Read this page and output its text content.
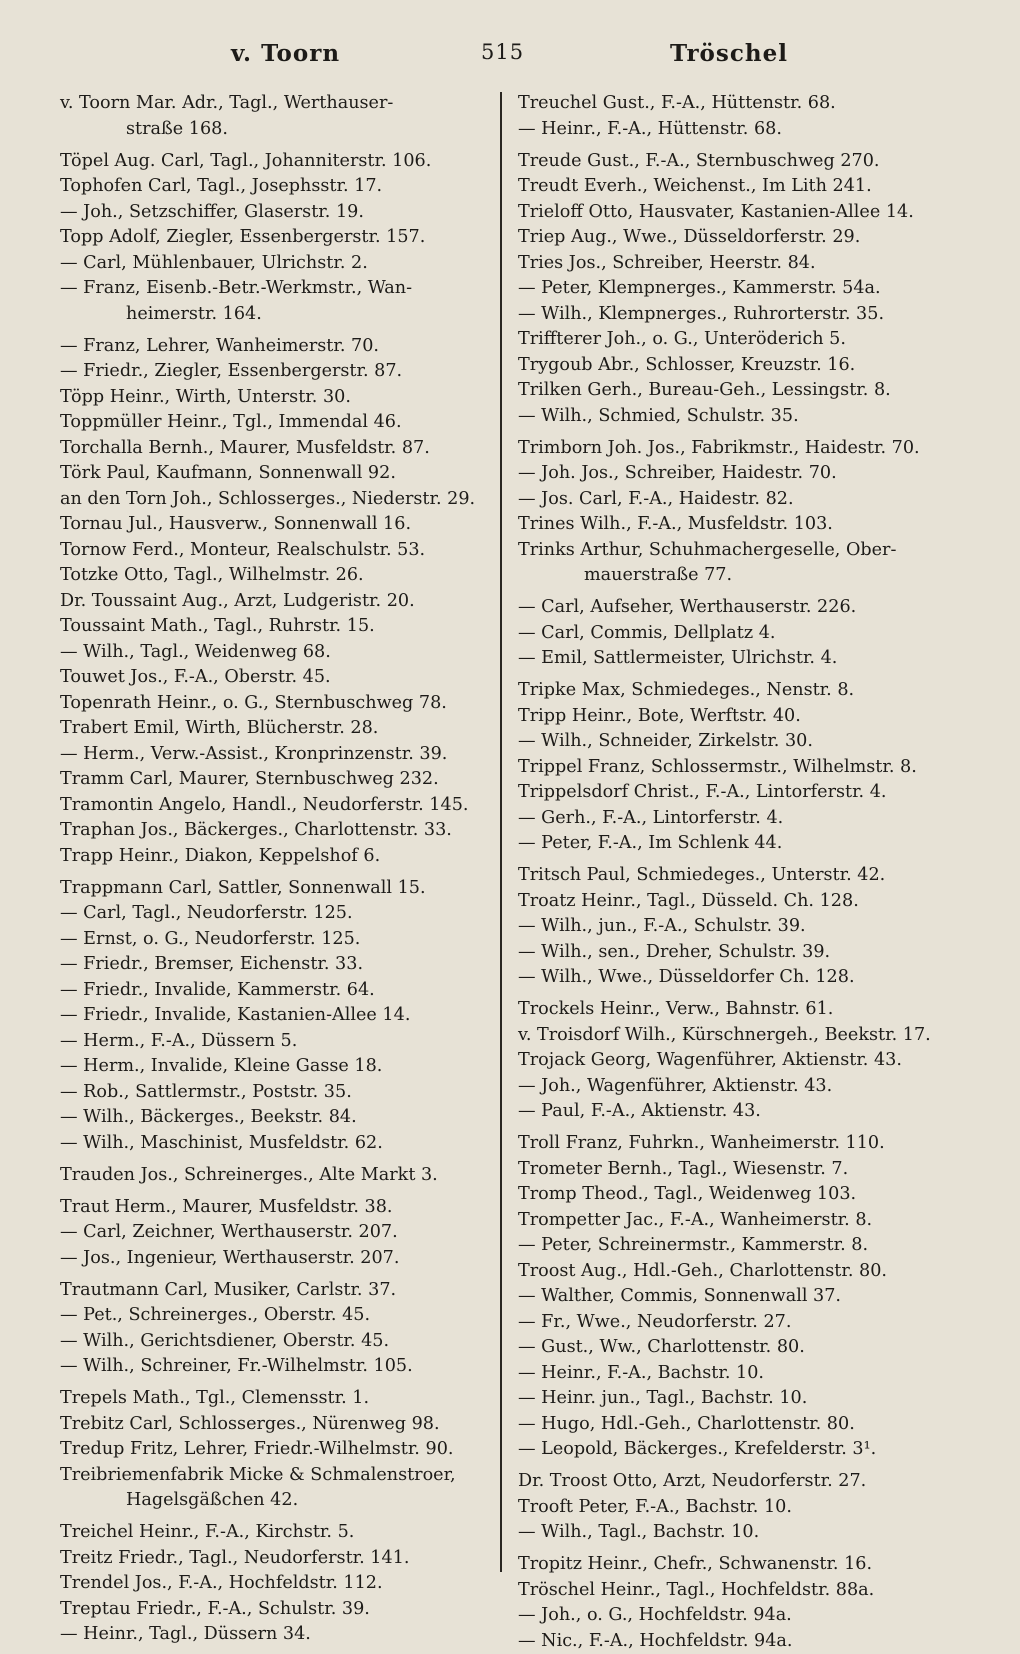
v. Toorn	515	Tröschel
v. Toorn Mar. Adr., Tagl., Werthauser-
straße 168.
Töpel Aug. Carl, Tagl., Johanniterstr. 106.
Tophofen Carl, Tagl., Josephsstr. 17.
— Joh., Setzschiffer, Glaserstr. 19.
Topp Adolf, Ziegler, Essenbergerstr. 157.
— Carl, Mühlenbauer, Ulrichstr. 2.
— Franz, Eisenb.-Betr.-Werkmstr., Wan-
heimerstr. 164.
— Franz, Lehrer, Wanheimerstr. 70.
— Friedr., Ziegler, Essenbergerstr. 87.
Töpp Heinr., Wirth, Unterstr. 30.
Toppmüller Heinr., Tgl., Immendal 46.
Torchalla Bernh., Maurer, Musfeldstr. 87.
Törk Paul, Kaufmann, Sonnenwall 92.
an den Torn Joh., Schlosserges., Niederstr. 29.
Tornau Jul., Hausverw., Sonnenwall 16.
Tornow Ferd., Monteur, Realschulstr. 53.
Totzke Otto, Tagl., Wilhelmstr. 26.
Dr. Toussaint Aug., Arzt, Ludgeristr. 20.
Toussaint Math., Tagl., Ruhrstr. 15.
— Wilh., Tagl., Weidenweg 68.
Touwet Jos., F.-A., Oberstr. 45.
Topenrath Heinr., o. G., Sternbuschweg 78.
Trabert Emil, Wirth, Blücherstr. 28.
— Herm., Verw.-Assist., Kronprinzenstr. 39.
Tramm Carl, Maurer, Sternbuschweg 232.
Tramontin Angelo, Handl., Neudorferstr. 145.
Traphan Jos., Bäckerges., Charlottenstr. 33.
Trapp Heinr., Diakon, Keppelshof 6.
Trappmann Carl, Sattler, Sonnenwall 15.
— Carl, Tagl., Neudorferstr. 125.
— Ernst, o. G., Neudorferstr. 125.
— Friedr., Bremser, Eichenstr. 33.
— Friedr., Invalide, Kammerstr. 64.
— Friedr., Invalide, Kastanien-Allee 14.
— Herm., F.-A., Düssern 5.
— Herm., Invalide, Kleine Gasse 18.
— Rob., Sattlermstr., Poststr. 35.
— Wilh., Bäckerges., Beekstr. 84.
— Wilh., Maschinist, Musfeldstr. 62.
Trauden Jos., Schreinerges., Alte Markt 3.
Traut Herm., Maurer, Musfeldstr. 38.
— Carl, Zeichner, Werthauserstr. 207.
— Jos., Ingenieur, Werthauserstr. 207.
Trautmann Carl, Musiker, Carlstr. 37.
— Pet., Schreinerges., Oberstr. 45.
— Wilh., Gerichtsdiener, Oberstr. 45.
— Wilh., Schreiner, Fr.-Wilhelmstr. 105.
Trepels Math., Tgl., Clemensstr. 1.
Trebitz Carl, Schlosserges., Nürenweg 98.
Tredup Fritz, Lehrer, Friedr.-Wilhelmstr. 90.
Treibriemenfabrik Micke & Schmalenstroer,
Hagelsgäßchen 42.
Treichel Heinr., F.-A., Kirchstr. 5.
Treitz Friedr., Tagl., Neudorferstr. 141.
Trendel Jos., F.-A., Hochfeldstr. 112.
Treptau Friedr., F.-A., Schulstr. 39.
— Heinr., Tagl., Düssern 34.
Treuchel Gust., F.-A., Hüttenstr. 68.
— Heinr., F.-A., Hüttenstr. 68.
Treude Gust., F.-A., Sternbuschweg 270.
Treudt Everh., Weichenst., Im Lith 241.
Trieloff Otto, Hausvater, Kastanien-Allee 14.
Triep Aug., Wwe., Düsseldorferstr. 29.
Tries Jos., Schreiber, Heerstr. 84.
— Peter, Klempnerges., Kammerstr. 54a.
— Wilh., Klempnerges., Ruhrorterstr. 35.
Triffterer Joh., o. G., Unteröderich 5.
Trygoub Abr., Schlosser, Kreuzstr. 16.
Trilken Gerh., Bureau-Geh., Lessingstr. 8.
— Wilh., Schmied, Schulstr. 35.
Trimborn Joh. Jos., Fabrikmstr., Haidestr. 70.
— Joh. Jos., Schreiber, Haidestr. 70.
— Jos. Carl, F.-A., Haidestr. 82.
Trines Wilh., F.-A., Musfeldstr. 103.
Trinks Arthur, Schuhmachergeselle, Ober-
mauerstraße 77.
— Carl, Aufseher, Werthauserstr. 226.
— Carl, Commis, Dellplatz 4.
— Emil, Sattlermeister, Ulrichstr. 4.
Tripke Max, Schmiedeges., Nenstr. 8.
Tripp Heinr., Bote, Werftstr. 40.
— Wilh., Schneider, Zirkelstr. 30.
Trippel Franz, Schlossermstr., Wilhelmstr. 8.
Trippelsdorf Christ., F.-A., Lintorferstr. 4.
— Gerh., F.-A., Lintorferstr. 4.
— Peter, F.-A., Im Schlenk 44.
Tritsch Paul, Schmiedeges., Unterstr. 42.
Troatz Heinr., Tagl., Düsseld. Ch. 128.
— Wilh., jun., F.-A., Schulstr. 39.
— Wilh., sen., Dreher, Schulstr. 39.
— Wilh., Wwe., Düsseldorfer Ch. 128.
Trockels Heinr., Verw., Bahnstr. 61.
v. Troisdorf Wilh., Kürschnergeh., Beekstr. 17.
Trojack Georg, Wagenführer, Aktienstr. 43.
— Joh., Wagenführer, Aktienstr. 43.
— Paul, F.-A., Aktienstr. 43.
Troll Franz, Fuhrkn., Wanheimerstr. 110.
Trometer Bernh., Tagl., Wiesenstr. 7.
Tromp Theod., Tagl., Weidenweg 103.
Trompetter Jac., F.-A., Wanheimerstr. 8.
— Peter, Schreinermstr., Kammerstr. 8.
Troost Aug., Hdl.-Geh., Charlottenstr. 80.
— Walther, Commis, Sonnenwall 37.
— Fr., Wwe., Neudorferstr. 27.
— Gust., Ww., Charlottenstr. 80.
— Heinr., F.-A., Bachstr. 10.
— Heinr. jun., Tagl., Bachstr. 10.
— Hugo, Hdl.-Geh., Charlottenstr. 80.
— Leopold, Bäckerges., Krefelderstr. 3¹.
Dr. Troost Otto, Arzt, Neudorferstr. 27.
Trooft Peter, F.-A., Bachstr. 10.
— Wilh., Tagl., Bachstr. 10.
Tropitz Heinr., Chefr., Schwanenstr. 16.
Tröschel Heinr., Tagl., Hochfeldstr. 88a.
— Joh., o. G., Hochfeldstr. 94a.
— Nic., F.-A., Hochfeldstr. 94a.
